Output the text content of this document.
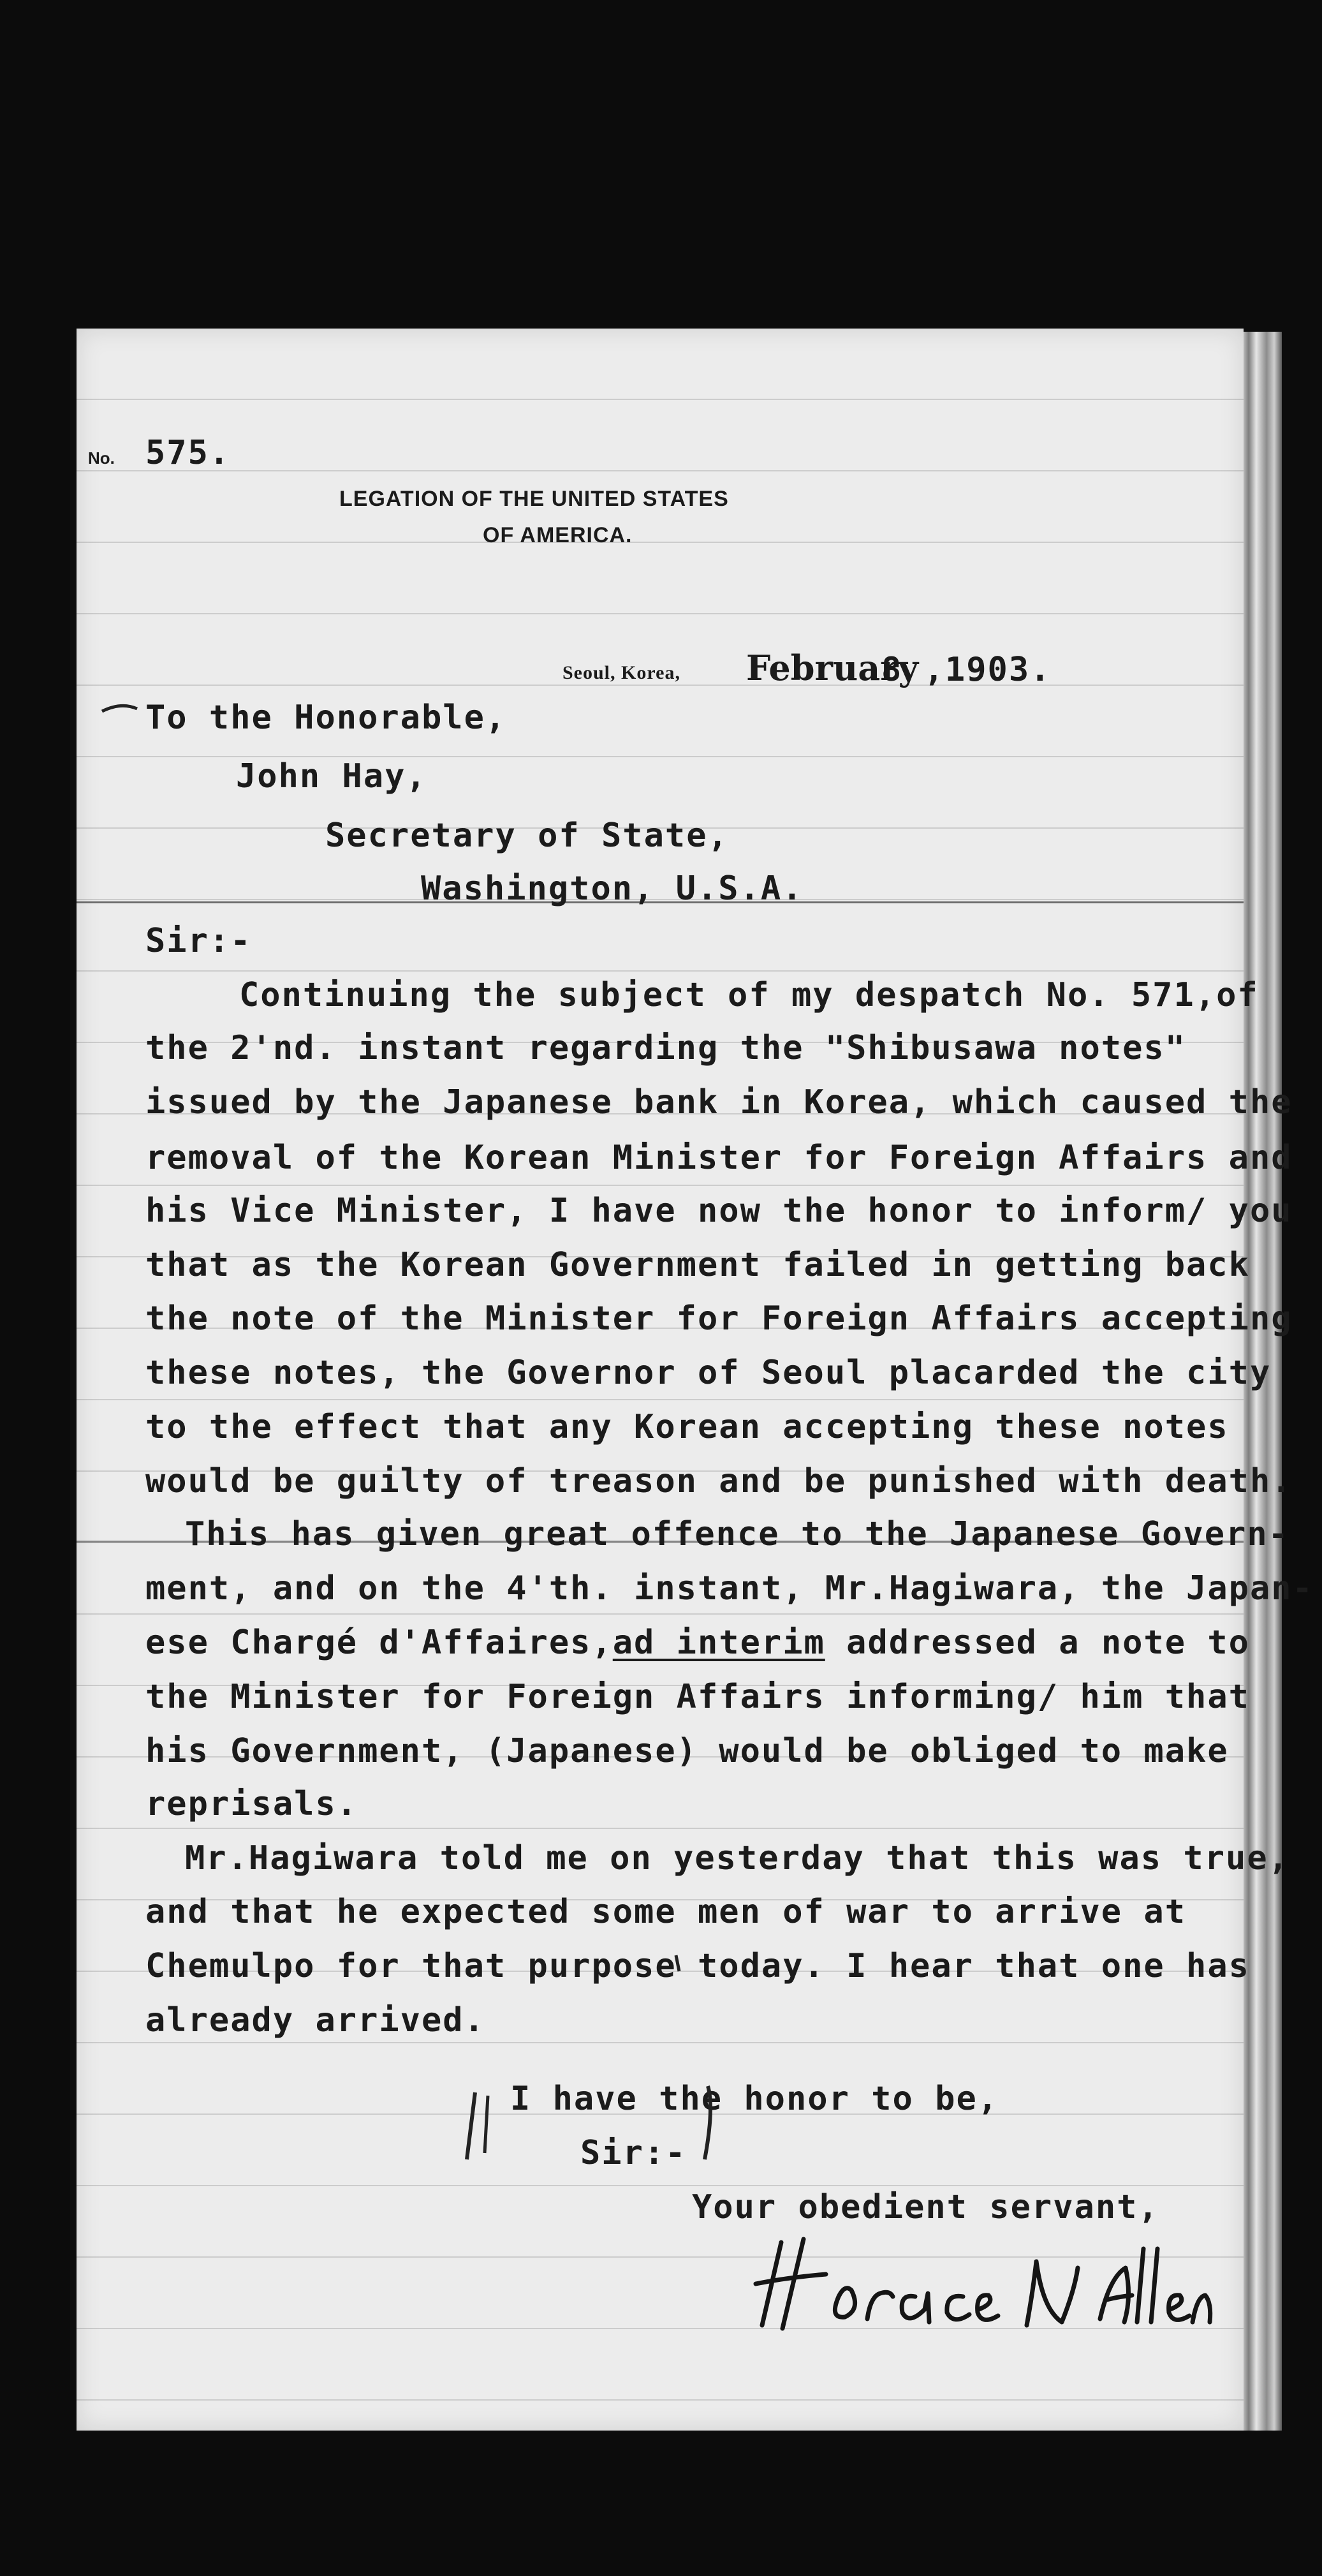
No. 575.
LEGATION OF THE UNITED STATES
OF AMERICA.
Seoul, Korea, February
8 ,1903.
To the Honorable,
John Hay,
Secretary of State,
Washington, U.S.A.
Sir:-
Continuing the subject of my despatch No. 571,of
the 2'nd. instant regarding the "Shibusawa notes"
issued by the Japanese bank in Korea, which caused the
removal of the Korean Minister for Foreign Affairs and
his Vice Minister, I have now the honor to inform/ you
that as the Korean Government failed in getting back
the note of the Minister for Foreign Affairs accepting
these notes, the Governor of Seoul placarded the city
to the effect that any Korean accepting these notes
would be guilty of treason and be punished with death.
This has given great offence to the Japanese Govern-
ment, and on the 4'th. instant, Mr.Hagiwara, the Japan-
ese Chargé d'Affaires,ad interim addressed a note to
the Minister for Foreign Affairs informing/ him that
his Government, (Japanese) would be obliged to make
reprisals.
Mr.Hagiwara told me on yesterday that this was true,
and that he expected some men of war to arrive at
Chemulpo for that purpose today. I hear that one has
already arrived.
I have the honor to be,
Sir:-
Your obedient servant,
